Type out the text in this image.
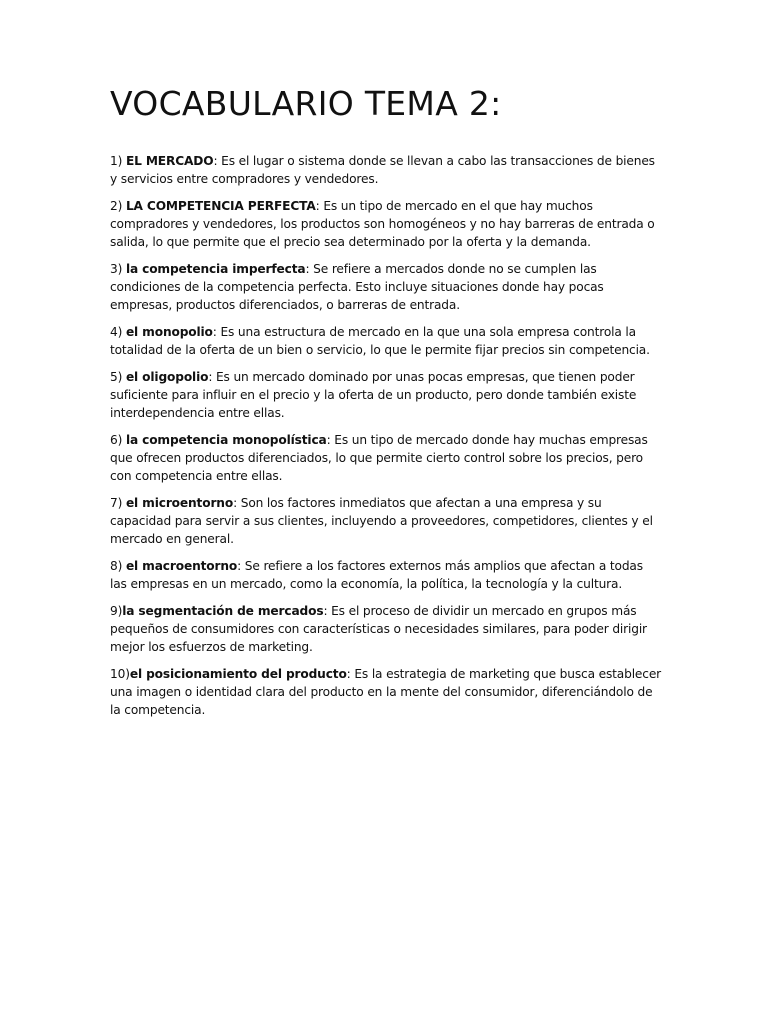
VOCABULARIO TEMA 2:
1) EL MERCADO: Es el lugar o sistema donde se llevan a cabo las transacciones de bienes y servicios entre compradores y vendedores.
2) LA COMPETENCIA PERFECTA: Es un tipo de mercado en el que hay muchos compradores y vendedores, los productos son homogéneos y no hay barreras de entrada o salida, lo que permite que el precio sea determinado por la oferta y la demanda.
3) la competencia imperfecta: Se refiere a mercados donde no se cumplen las condiciones de la competencia perfecta. Esto incluye situaciones donde hay pocas empresas, productos diferenciados, o barreras de entrada.
4) el monopolio: Es una estructura de mercado en la que una sola empresa controla la totalidad de la oferta de un bien o servicio, lo que le permite fijar precios sin competencia.
5) el oligopolio: Es un mercado dominado por unas pocas empresas, que tienen poder suficiente para influir en el precio y la oferta de un producto, pero donde también existe interdependencia entre ellas.
6) la competencia monopolística: Es un tipo de mercado donde hay muchas empresas que ofrecen productos diferenciados, lo que permite cierto control sobre los precios, pero con competencia entre ellas.
7) el microentorno: Son los factores inmediatos que afectan a una empresa y su capacidad para servir a sus clientes, incluyendo a proveedores, competidores, clientes y el mercado en general.
8) el macroentorno: Se refiere a los factores externos más amplios que afectan a todas las empresas en un mercado, como la economía, la política, la tecnología y la cultura.
9)la segmentación de mercados: Es el proceso de dividir un mercado en grupos más pequeños de consumidores con características o necesidades similares, para poder dirigir mejor los esfuerzos de marketing.
10)el posicionamiento del producto: Es la estrategia de marketing que busca establecer una imagen o identidad clara del producto en la mente del consumidor, diferenciándolo de la competencia.
